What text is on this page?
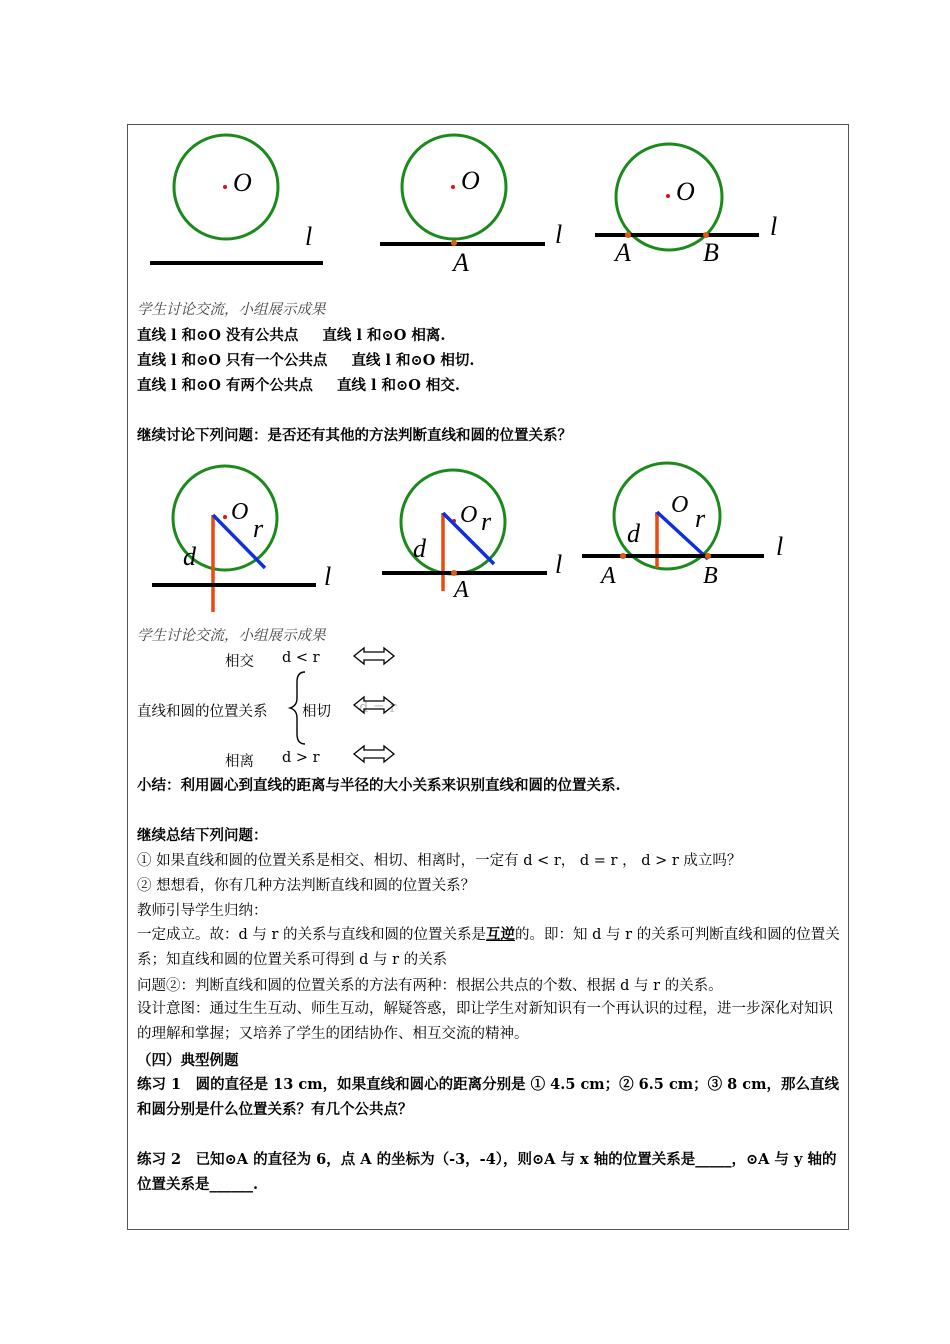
O
l
O
A
l
O
A	B
l
学生讨论交流，小组展示成果
直线 l 和⊙O 没有公共点 直线 l 和⊙O 相离.
直线 l 和⊙O 只有一个公共点 直线 l 和⊙O 相切.
直线 l 和⊙O 有两个公共点 直线 l 和⊙O 相交.
继续讨论下列问题：是否还有其他的方法判断直线和圆的位置关系？
O
d
r
l
O
d
r
A
l
O
d
r
A	B
l
学生讨论交流，小组展示成果
相交 d < r
直线和圆的位置关系 相切 d = r
相离 d > r
小结：利用圆心到直线的距离与半径的大小关系来识别直线和圆的位置关系.
继续总结下列问题：
① 如果直线和圆的位置关系是相交、相切、相离时，一定有 d < r， d = r ， d > r 成立吗？
② 想想看，你有几种方法判断直线和圆的位置关系？
教师引导学生归纳：
一定成立。故：d 与 r 的关系与直线和圆的位置关系是互逆的。即：知 d 与 r 的关系可判断直线和圆的位置关系；知直线和圆的位置关系可得到 d 与 r 的关系
问题②：判断直线和圆的位置关系的方法有两种：根据公共点的个数、根据 d 与 r 的关系。
设计意图：通过生生互动、师生互动，解疑答惑，即让学生对新知识有一个再认识的过程，进一步深化对知识的理解和掌握；又培养了学生的团结协作、相互交流的精神。
（四）典型例题
练习 1　圆的直径是 13 cm，如果直线和圆心的距离分别是 ① 4.5 cm；② 6.5 cm；③ 8 cm，那么直线和圆分别是什么位置关系？有几个公共点？
练习 2　已知⊙A 的直径为 6，点 A 的坐标为（-3，-4），则⊙A 与 x 轴的位置关系是_____，⊙A 与 y 轴的位置关系是______.
